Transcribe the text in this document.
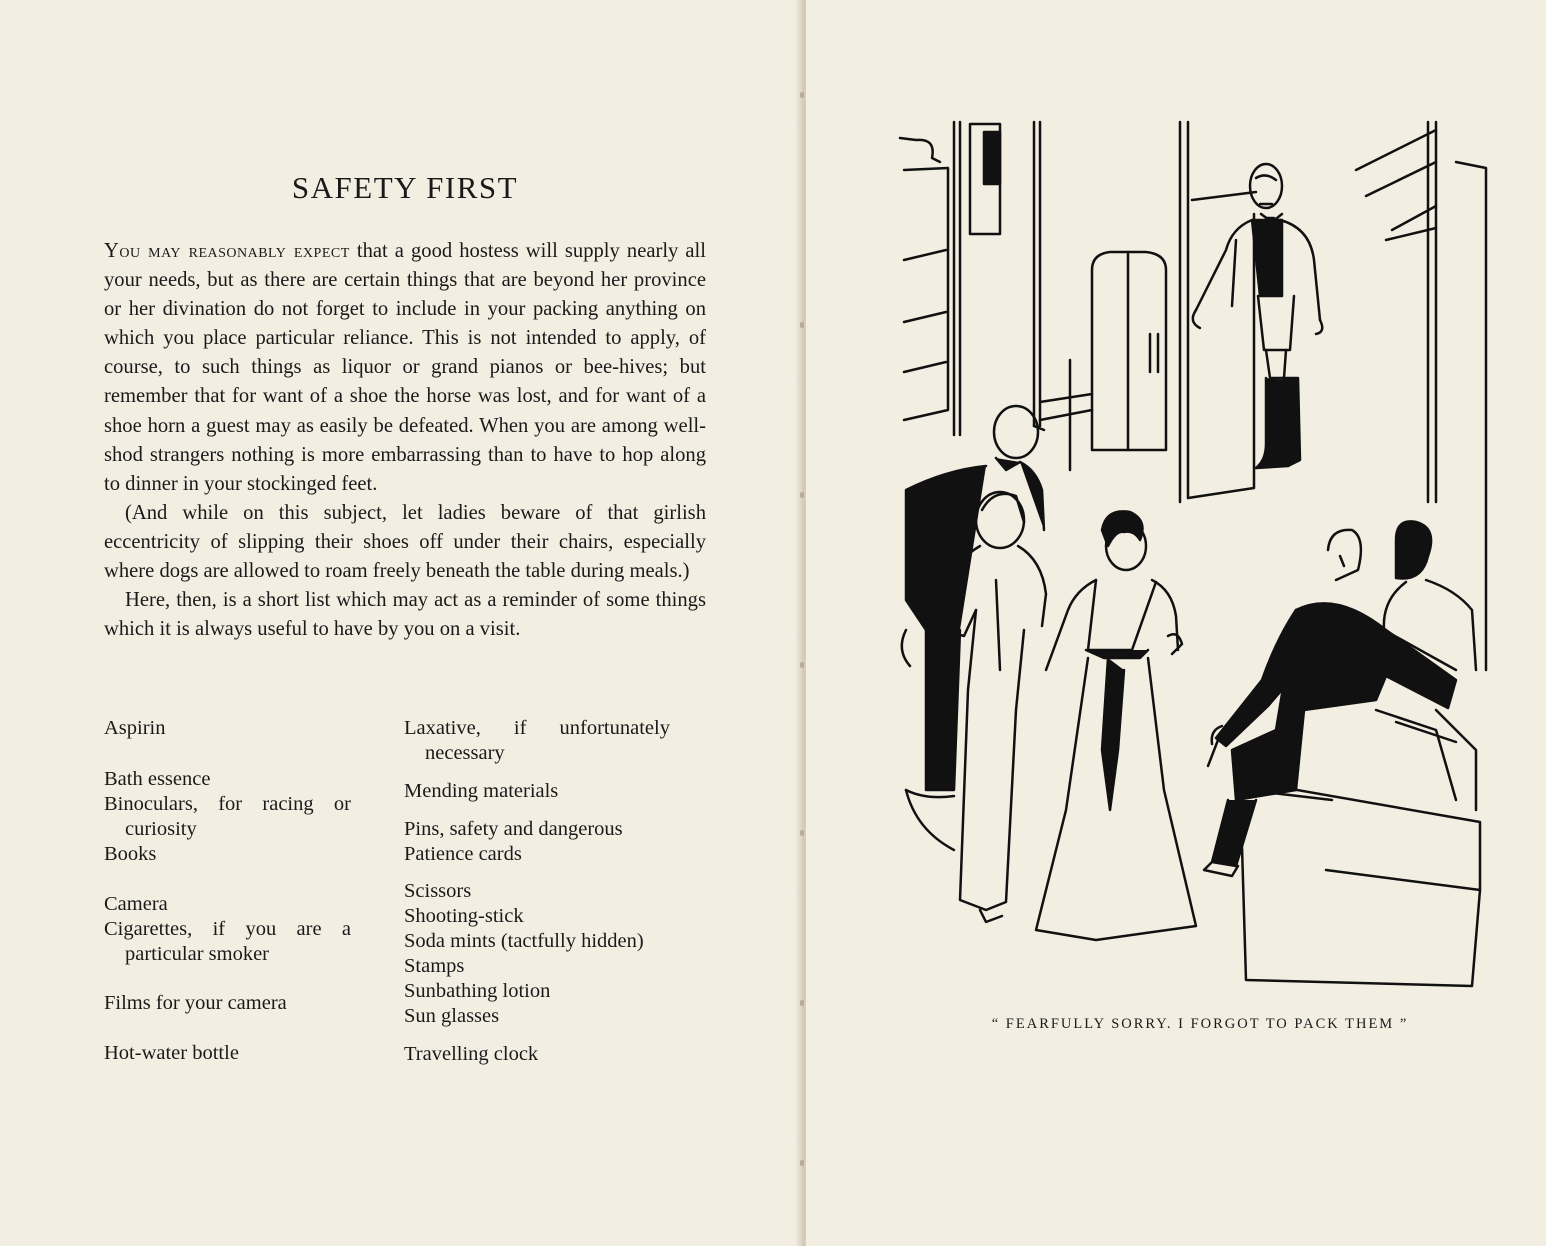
SAFETY FIRST

You may reasonably expect that a good hostess will supply nearly all your needs, but as there are certain things that are beyond her province or her divination do not forget to include in your packing anything on which you place particular reliance. This is not intended to apply, of course, to such things as liquor or grand pianos or bee-hives; but remember that for want of a shoe the horse was lost, and for want of a shoe horn a guest may as easily be defeated. When you are among well-shod strangers nothing is more embarrassing than to have to hop along to dinner in your stockinged feet.

(And while on this subject, let ladies beware of that girlish eccentricity of slipping their shoes off under their chairs, especially where dogs are allowed to roam freely beneath the table during meals.)

Here, then, is a short list which may act as a reminder of some things which it is always useful to have by you on a visit.

Aspirin
Bath essence
Binoculars, for racing or
curiosity
Books
Camera
Cigarettes, if you are a
particular smoker
Films for your camera
Hot-water bottle
Laxative, if unfortunately
necessary
Mending materials
Pins, safety and dangerous
Patience cards
Scissors
Shooting-stick
Soda mints (tactfully hidden)
Stamps
Sunbathing lotion
Sun glasses
Travelling clock
“ FEARFULLY SORRY. I FORGOT TO PACK THEM ”
